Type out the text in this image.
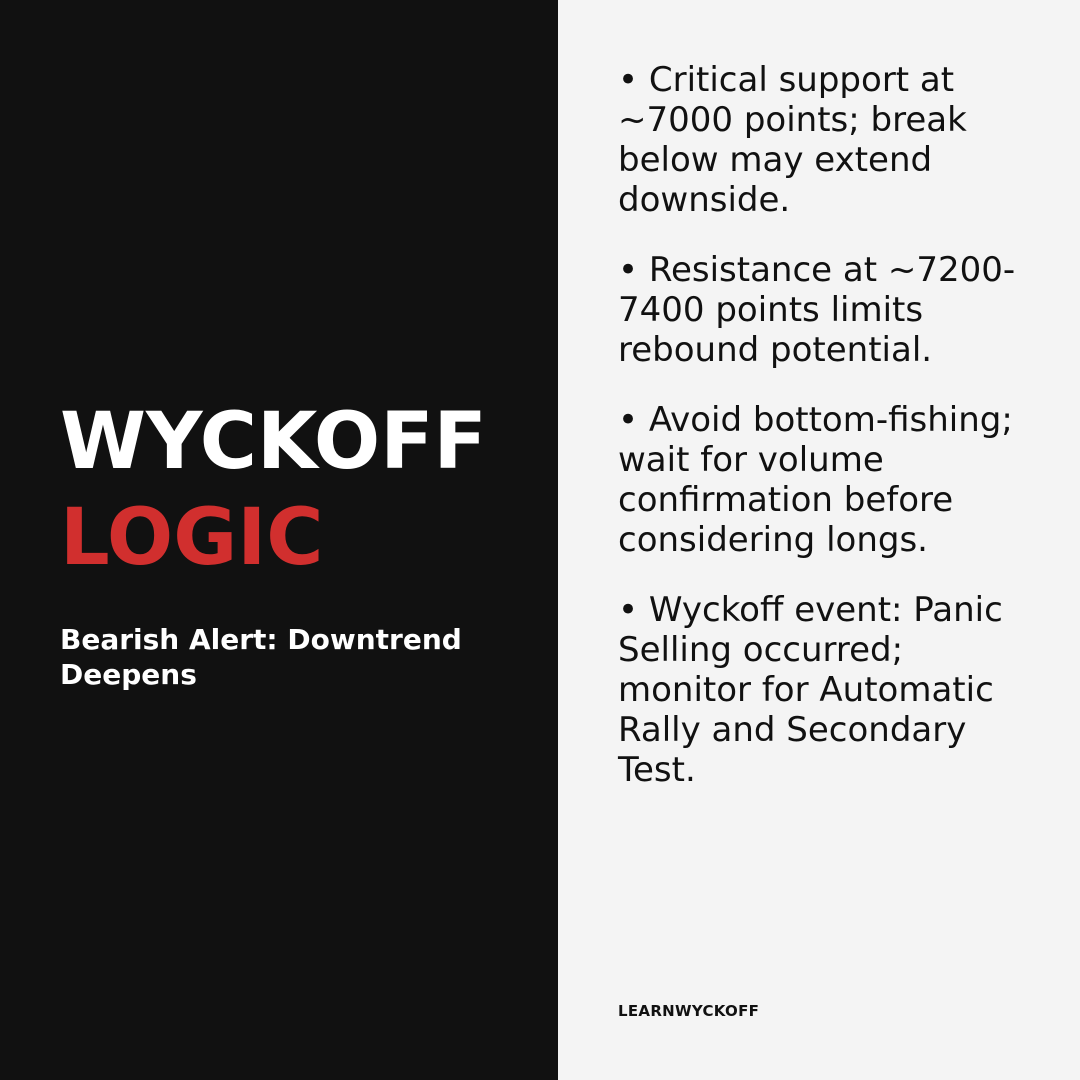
WYCKOFF
LOGIC
Bearish Alert: Downtrend Deepens
• Critical support at ~7000 points; break below may extend downside.
• Resistance at ~7200-7400 points limits rebound potential.
• Avoid bottom-fishing; wait for volume confirmation before considering longs.
• Wyckoff event: Panic Selling occurred; monitor for Automatic Rally and Secondary Test.
LEARNWYCKOFF
